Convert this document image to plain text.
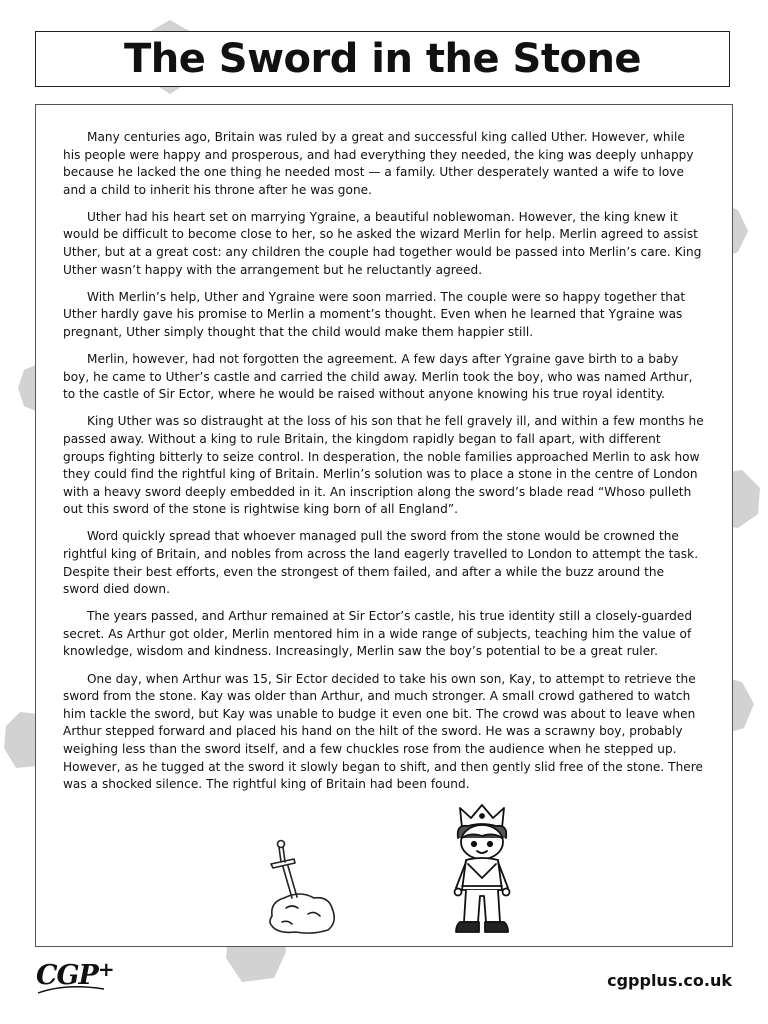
The Sword in the Stone

Many centuries ago, Britain was ruled by a great and successful king called Uther. However, while his people were happy and prosperous, and had everything they needed, the king was deeply unhappy because he lacked the one thing he needed most — a family. Uther desperately wanted a wife to love and a child to inherit his throne after he was gone.

Uther had his heart set on marrying Ygraine, a beautiful noblewoman. However, the king knew it would be difficult to become close to her, so he asked the wizard Merlin for help. Merlin agreed to assist Uther, but at a great cost: any children the couple had together would be passed into Merlin’s care. King Uther wasn’t happy with the arrangement but he reluctantly agreed.

With Merlin’s help, Uther and Ygraine were soon married. The couple were so happy together that Uther hardly gave his promise to Merlin a moment’s thought. Even when he learned that Ygraine was pregnant, Uther simply thought that the child would make them happier still.

Merlin, however, had not forgotten the agreement. A few days after Ygraine gave birth to a baby boy, he came to Uther’s castle and carried the child away. Merlin took the boy, who was named Arthur, to the castle of Sir Ector, where he would be raised without anyone knowing his true royal identity.

King Uther was so distraught at the loss of his son that he fell gravely ill, and within a few months he passed away. Without a king to rule Britain, the kingdom rapidly began to fall apart, with different groups fighting bitterly to seize control. In desperation, the noble families approached Merlin to ask how they could find the rightful king of Britain. Merlin’s solution was to place a stone in the centre of London with a heavy sword deeply embedded in it. An inscription along the sword’s blade read “Whoso pulleth out this sword of the stone is rightwise king born of all England”.

Word quickly spread that whoever managed pull the sword from the stone would be crowned the rightful king of Britain, and nobles from across the land eagerly travelled to London to attempt the task. Despite their best efforts, even the strongest of them failed, and after a while the buzz around the sword died down.

The years passed, and Arthur remained at Sir Ector’s castle, his true identity still a closely-guarded secret. As Arthur got older, Merlin mentored him in a wide range of subjects, teaching him the value of knowledge, wisdom and kindness. Increasingly, Merlin saw the boy’s potential to be a great ruler.

One day, when Arthur was 15, Sir Ector decided to take his own son, Kay, to attempt to retrieve the sword from the stone. Kay was older than Arthur, and much stronger. A small crowd gathered to watch him tackle the sword, but Kay was unable to budge it even one bit. The crowd was about to leave when Arthur stepped forward and placed his hand on the hilt of the sword. He was a scrawny boy, probably weighing less than the sword itself, and a few chuckles rose from the audience when he stepped up. However, as he tugged at the sword it slowly began to shift, and then gently slid free of the stone. There was a shocked silence. The rightful king of Britain had been found.

CGP+	cgpplus.co.uk
